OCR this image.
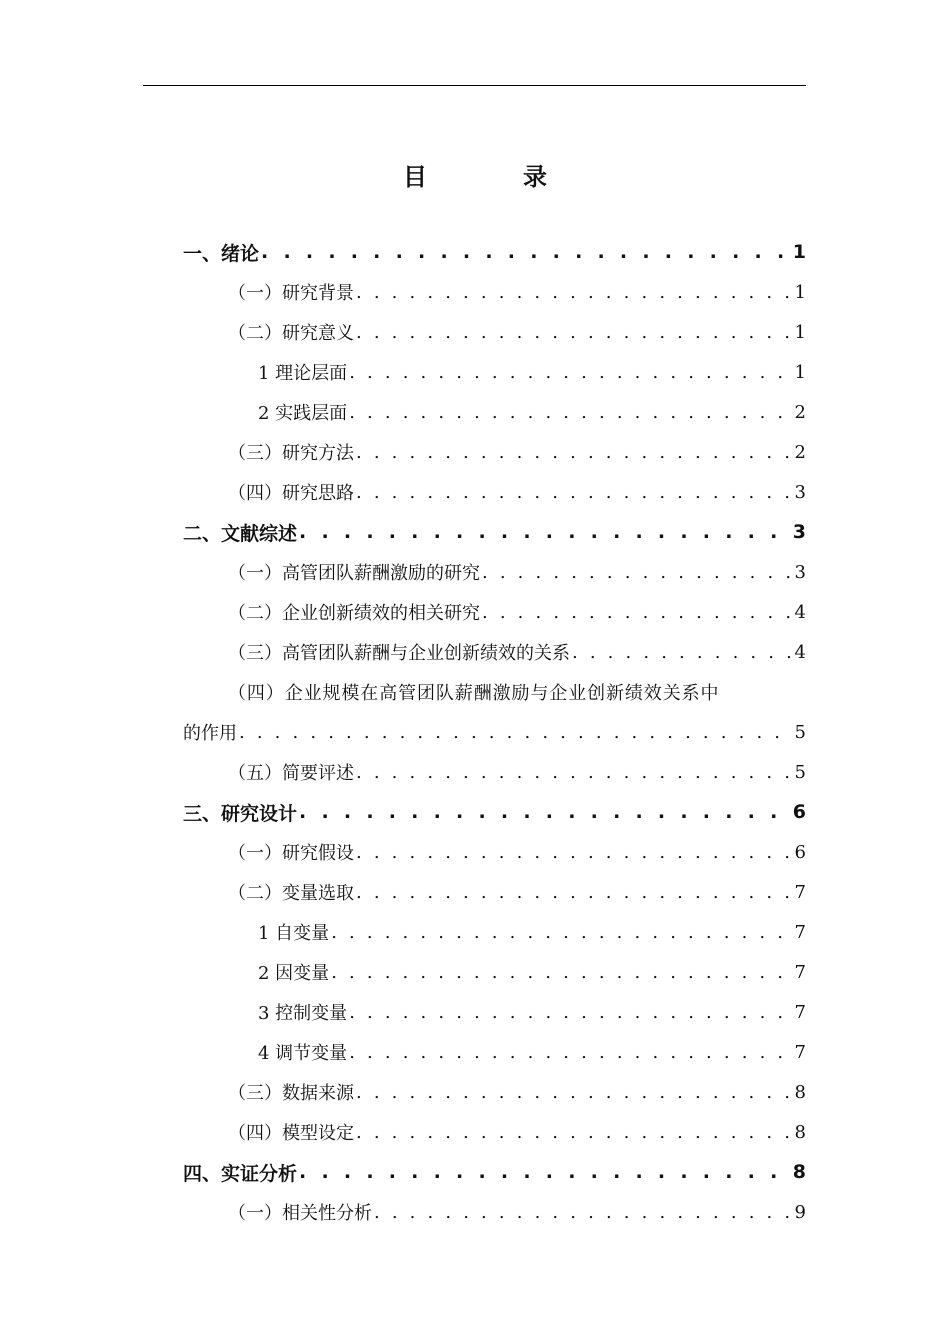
目　录
一、绪论 . . .	1
（一）研究背景 . . .	1
（二）研究意义 . . .	1
1 理论层面 . . .	1
2 实践层面 . . .	2
（三）研究方法 . . .	2
（四）研究思路 . . .	3
二、文献综述 . . .	3
（一）高管团队薪酬激励的研究 . . .	3
（二）企业创新绩效的相关研究 . . .	4
（三）高管团队薪酬与企业创新绩效的关系 . . .	4
（四）企业规模在高管团队薪酬激励与企业创新绩效关系中
的作用 . . .	5
（五）简要评述 . . .	5
三、研究设计 . . .	6
（一）研究假设 . . .	6
（二）变量选取 . . .	7
1 自变量 . . .	7
2 因变量 . . .	7
3 控制变量 . . .	7
4 调节变量 . . .	7
（三）数据来源 . . .	8
（四）模型设定 . . .	8
四、实证分析 . . .	8
（一）相关性分析 . . .	9
